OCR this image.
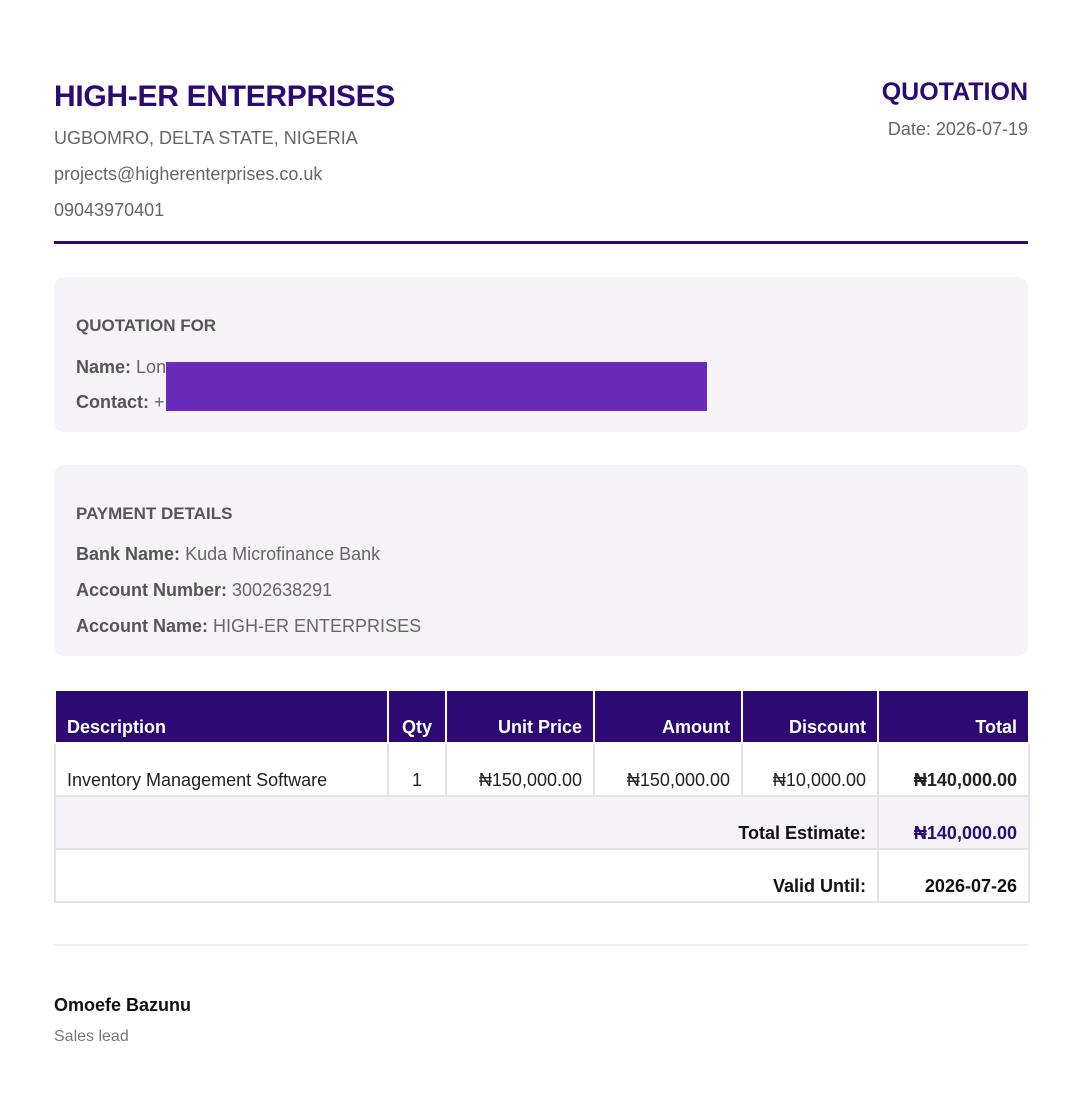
HIGH-ER ENTERPRISES
UGBOMRO, DELTA STATE, NIGERIA
projects@higherenterprises.co.uk
09043970401
QUOTATION
Date: 2026-07-19
QUOTATION FOR
Name: Lon
Contact: +
PAYMENT DETAILS
Bank Name: Kuda Microfinance Bank
Account Number: 3002638291
Account Name: HIGH-ER ENTERPRISES
Description	Qty	Unit Price	Amount	Discount	Total
Inventory Management Software	1	₦150,000.00	₦150,000.00	₦10,000.00	₦140,000.00
Total Estimate:					₦140,000.00
Valid Until:					2026-07-26
Omoefe Bazunu
Sales lead
